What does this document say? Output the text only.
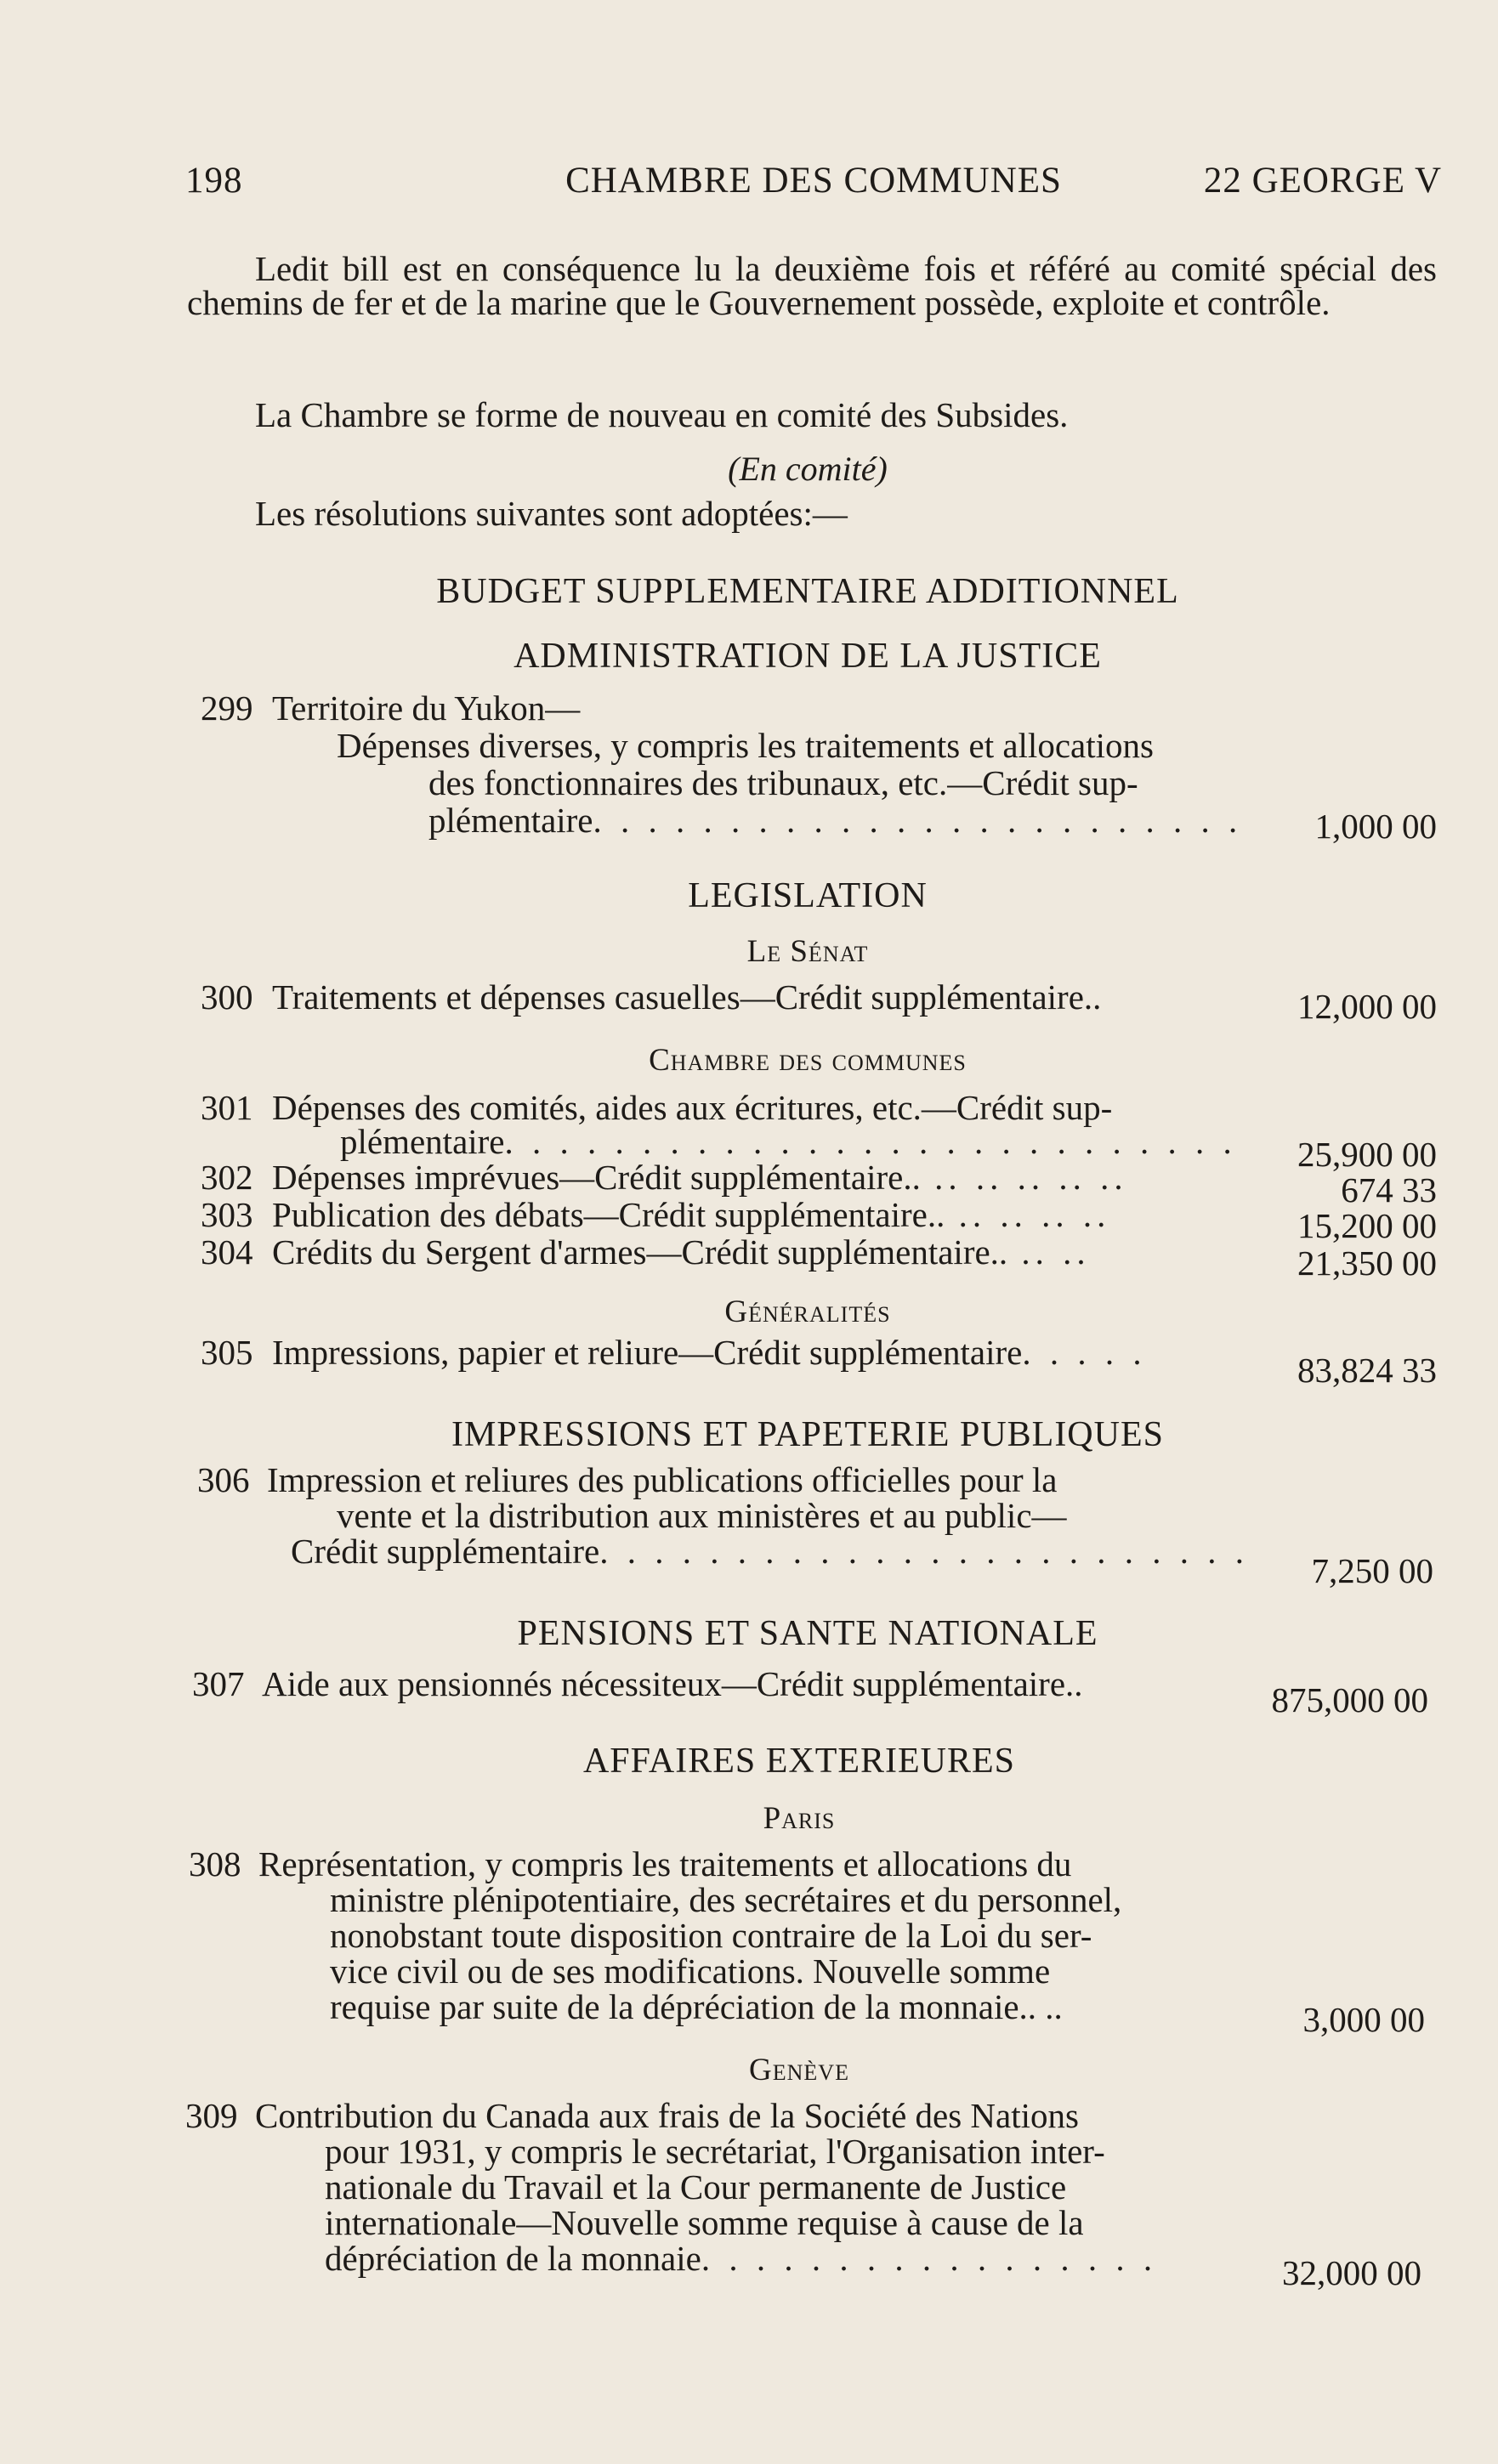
198	CHAMBRE DES COMMUNES	22 GEORGE V
Ledit bill est en conséquence lu la deuxième fois et référé au comité spécial des chemins de fer et de la marine que le Gouvernement possède, exploite et contrôle.
La Chambre se forme de nouveau en comité des Subsides.
(En comité)
Les résolutions suivantes sont adoptées:—
BUDGET SUPPLEMENTAIRE ADDITIONNEL
ADMINISTRATION DE LA JUSTICE
299 Territoire du Yukon—
Dépenses diverses, y compris les traitements et allocations
des fonctionnaires des tribunaux, etc.—Crédit sup-
plémentaire. . . . . . . . . . . . . . . . . . . . . . . .	1,000 00
LEGISLATION
Le Sénat
300 Traitements et dépenses casuelles—Crédit supplémentaire..	12,000 00
Chambre des communes
301 Dépenses des comités, aides aux écritures, etc.—Crédit sup-
plémentaire. . . . . . . . . . . . . . . . . . . . . . . . . . .	25,900 00
302 Dépenses imprévues—Crédit supplémentaire.. .. .. .. .. ..	674 33
303 Publication des débats—Crédit supplémentaire.. .. .. .. ..	15,200 00
304 Crédits du Sergent d'armes—Crédit supplémentaire.. .. ..	21,350 00
Généralités
305 Impressions, papier et reliure—Crédit supplémentaire. . . . .	83,824 33
IMPRESSIONS ET PAPETERIE PUBLIQUES
306 Impression et reliures des publications officielles pour la
vente et la distribution aux ministères et au public—
Crédit supplémentaire. . . . . . . . . . . . . . . . . . . . . . . .	7,250 00
PENSIONS ET SANTE NATIONALE
307 Aide aux pensionnés nécessiteux—Crédit supplémentaire..	875,000 00
AFFAIRES EXTERIEURES
Paris
308 Représentation, y compris les traitements et allocations du
ministre plénipotentiaire, des secrétaires et du personnel,
nonobstant toute disposition contraire de la Loi du ser-
vice civil ou de ses modifications. Nouvelle somme
requise par suite de la dépréciation de la monnaie.. ..	3,000 00
Genève
309 Contribution du Canada aux frais de la Société des Nations
pour 1931, y compris le secrétariat, l'Organisation inter-
nationale du Travail et la Cour permanente de Justice
internationale—Nouvelle somme requise à cause de la
dépréciation de la monnaie. . . . . . . . . . . . . . . . .	32,000 00
